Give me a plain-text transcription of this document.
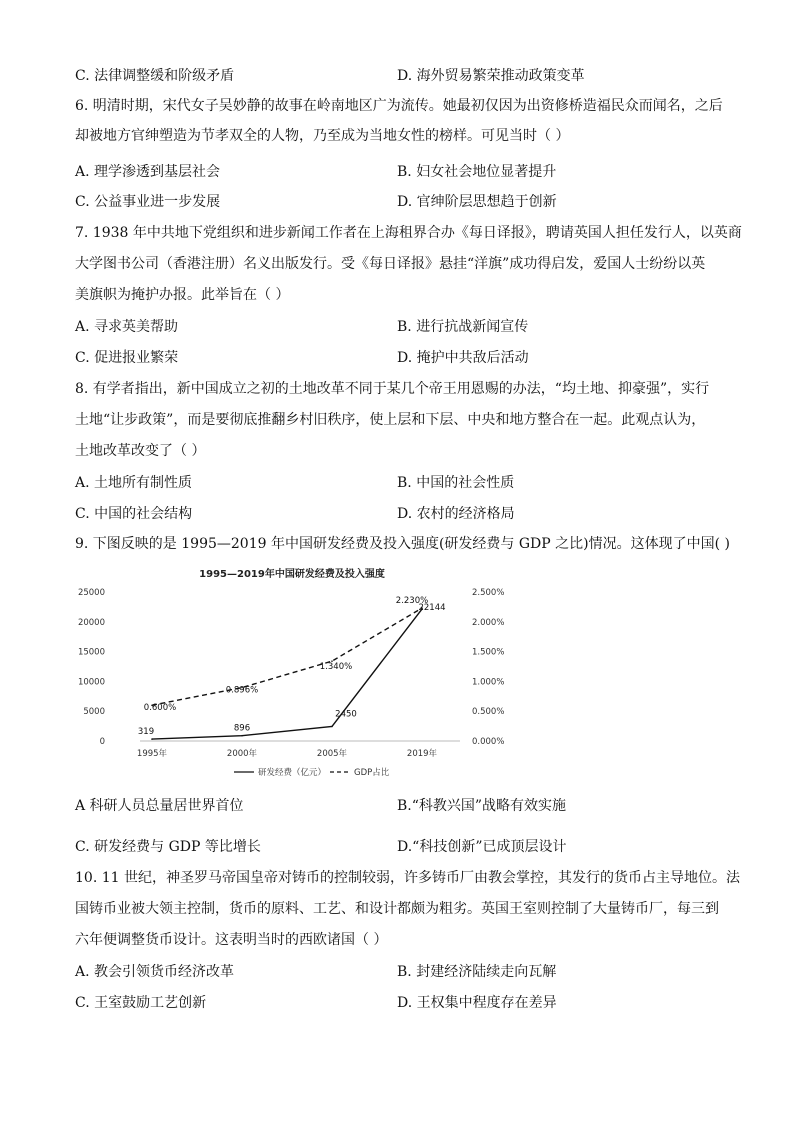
C. 法律调整缓和阶级矛盾	D. 海外贸易繁荣推动政策变革
6. 明清时期，宋代女子吴妙静的故事在岭南地区广为流传。她最初仅因为出资修桥造福民众而闻名，之后
却被地方官绅塑造为节孝双全的人物，乃至成为当地女性的榜样。可见当时（ ）
A. 理学渗透到基层社会	B. 妇女社会地位显著提升
C. 公益事业进一步发展	D. 官绅阶层思想趋于创新
7. 1938 年中共地下党组织和进步新闻工作者在上海租界合办《每日译报》，聘请英国人担任发行人，以英商
大学图书公司（香港注册）名义出版发行。受《每日译报》悬挂“洋旗”成功得启发，爱国人士纷纷以英
美旗帜为掩护办报。此举旨在（ ）
A. 寻求英美帮助	B. 进行抗战新闻宣传
C. 促进报业繁荣	D. 掩护中共敌后活动
8. 有学者指出，新中国成立之初的土地改革不同于某几个帝王用恩赐的办法，“均土地、抑豪强”，实行
土地“让步政策”，而是要彻底推翻乡村旧秩序，使上层和下层、中央和地方整合在一起。此观点认为，
土地改革改变了（ ）
A. 土地所有制性质	B. 中国的社会性质
C. 中国的社会结构	D. 农村的经济格局
9. 下图反映的是 1995—2019 年中国研发经费及投入强度(研发经费与 GDP 之比)情况。这体现了中国( )
1995—2019年中国研发经费及投入强度
0
5000
10000
15000
20000
25000
0.000%
0.500%
1.000%
1.500%
2.000%
2.500%
1995年	2000年	2005年	2019年
319	896
2450
22144
0.600%
0.896%
1.340%
2.230%
研发经费（亿元）	GDP占比
A 科研人员总量居世界首位	B.“科教兴国”战略有效实施
C. 研发经费与 GDP 等比增长	D.“科技创新”已成顶层设计
10. 11 世纪，神圣罗马帝国皇帝对铸币的控制较弱，许多铸币厂由教会掌控，其发行的货币占主导地位。法
国铸币业被大领主控制，货币的原料、工艺、和设计都颇为粗劣。英国王室则控制了大量铸币厂，每三到
六年便调整货币设计。这表明当时的西欧诸国（ ）
A. 教会引领货币经济改革	B. 封建经济陆续走向瓦解
C. 王室鼓励工艺创新	D. 王权集中程度存在差异
